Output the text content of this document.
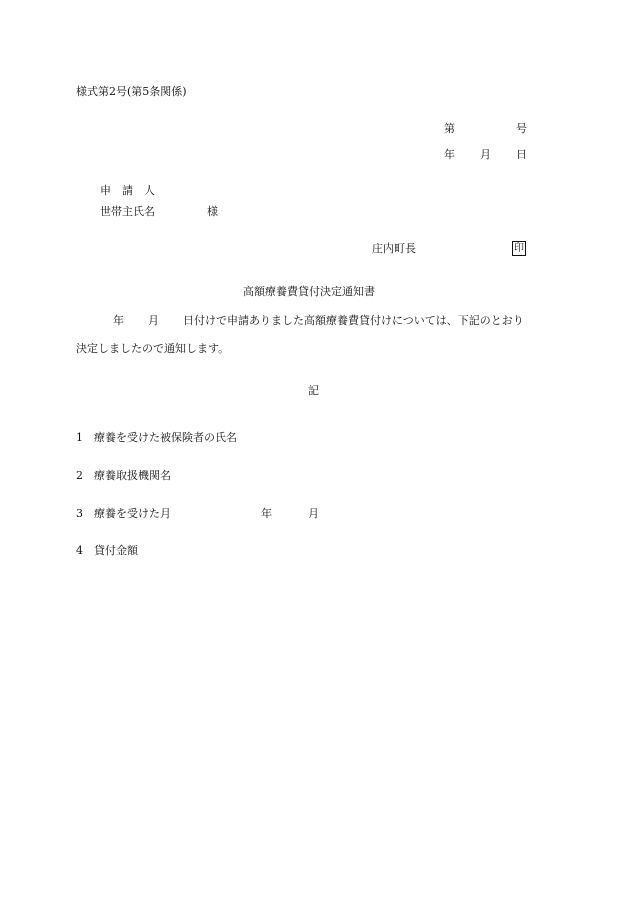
様式第2号(第5条関係)
第	号
年 月 日
申　請　人
世帯主氏名	様
庄内町長	印
高額療養費貸付決定通知書
年 月 日付けで申請ありました高額療養費貸付けについては、下記のとおり
決定しましたので通知します。
記
1 療養を受けた被保険者の氏名
2 療養取扱機関名
3 療養を受けた月	年	月
4 貸付金額
